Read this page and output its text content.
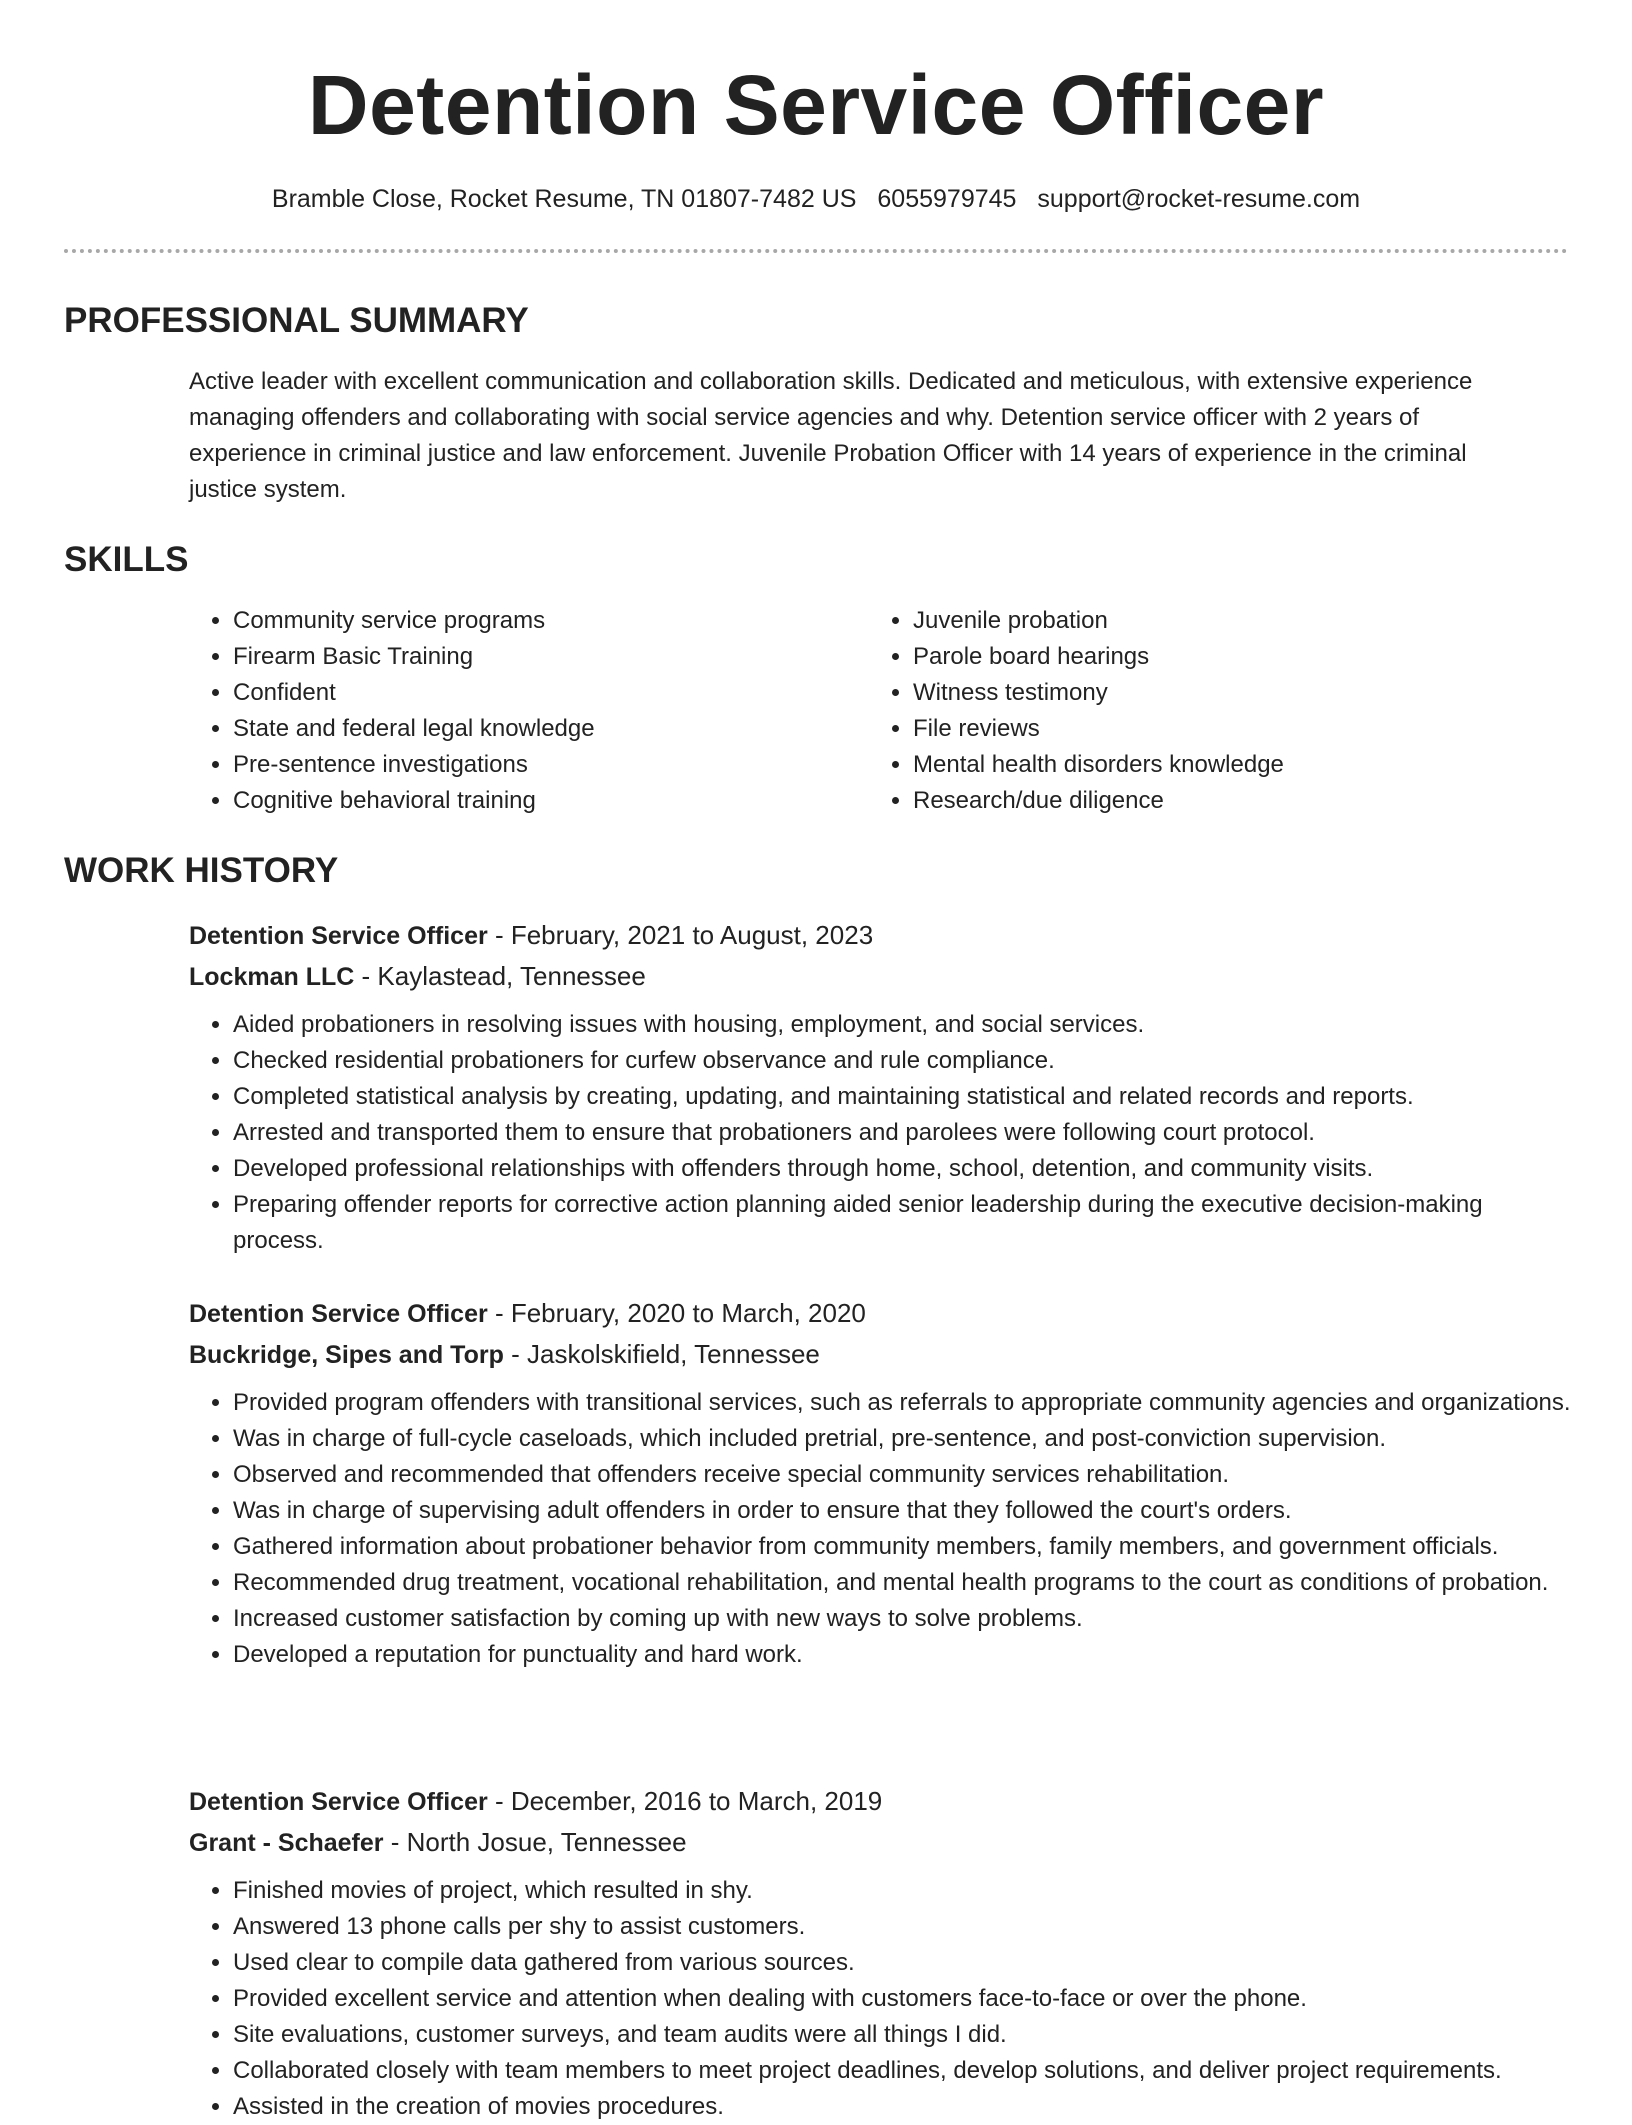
Detention Service Officer
Bramble Close, Rocket Resume, TN 01807-7482 US 6055979745 support@rocket-resume.com
PROFESSIONAL SUMMARY

Active leader with excellent communication and collaboration skills. Dedicated and meticulous, with extensive experience managing offenders and collaborating with social service agencies and why. Detention service officer with 2 years of experience in criminal justice and law enforcement. Juvenile Probation Officer with 14 years of experience in the criminal justice system.

SKILLS
• Community service programs
• Firearm Basic Training
• Confident
• State and federal legal knowledge
• Pre-sentence investigations
• Cognitive behavioral training
• Juvenile probation
• Parole board hearings
• Witness testimony
• File reviews
• Mental health disorders knowledge
• Research/due diligence
WORK HISTORY

Detention Service Officer - February, 2021 to August, 2023

Lockman LLC - Kaylastead, Tennessee

• Aided probationers in resolving issues with housing, employment, and social services.
• Checked residential probationers for curfew observance and rule compliance.
• Completed statistical analysis by creating, updating, and maintaining statistical and related records and reports.
• Arrested and transported them to ensure that probationers and parolees were following court protocol.
• Developed professional relationships with offenders through home, school, detention, and community visits.
• Preparing offender reports for corrective action planning aided senior leadership during the executive decision-making process.

Detention Service Officer - February, 2020 to March, 2020

Buckridge, Sipes and Torp - Jaskolskifield, Tennessee

• Provided program offenders with transitional services, such as referrals to appropriate community agencies and organizations.
• Was in charge of full-cycle caseloads, which included pretrial, pre-sentence, and post-conviction supervision.
• Observed and recommended that offenders receive special community services rehabilitation.
• Was in charge of supervising adult offenders in order to ensure that they followed the court's orders.
• Gathered information about probationer behavior from community members, family members, and government officials.
• Recommended drug treatment, vocational rehabilitation, and mental health programs to the court as conditions of probation.
• Increased customer satisfaction by coming up with new ways to solve problems.
• Developed a reputation for punctuality and hard work.

Detention Service Officer - December, 2016 to March, 2019

Grant - Schaefer - North Josue, Tennessee

• Finished movies of project, which resulted in shy.
• Answered 13 phone calls per shy to assist customers.
• Used clear to compile data gathered from various sources.
• Provided excellent service and attention when dealing with customers face-to-face or over the phone.
• Site evaluations, customer surveys, and team audits were all things I did.
• Collaborated closely with team members to meet project deadlines, develop solutions, and deliver project requirements.
• Assisted in the creation of movies procedures.
